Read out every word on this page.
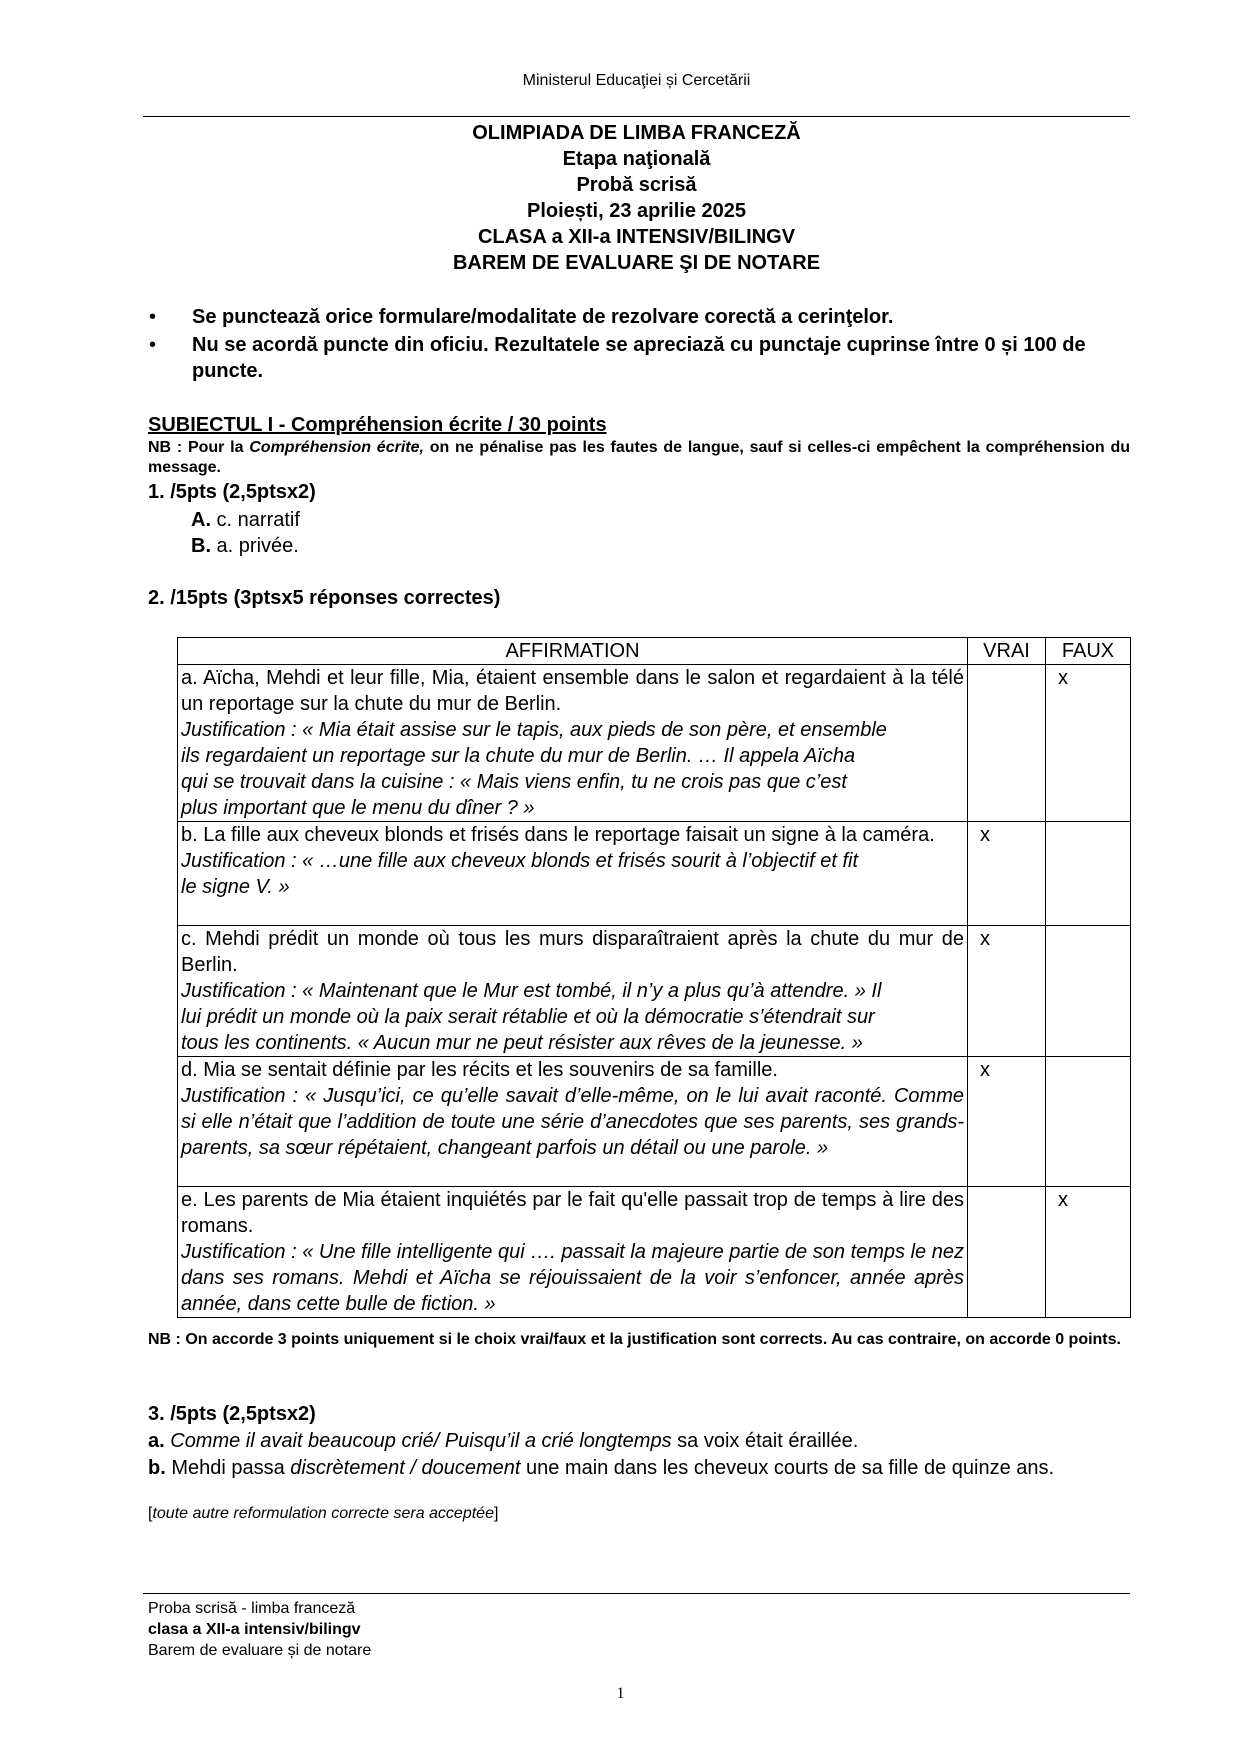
Ministerul Educaţiei și Cercetării
OLIMPIADA DE LIMBA FRANCEZĂ
Etapa naţională
Probă scrisă
Ploiești, 23 aprilie 2025
CLASA a XII-a INTENSIV/BILINGV
BAREM DE EVALUARE ŞI DE NOTARE
• Se punctează orice formulare/modalitate de rezolvare corectă a cerinţelor.
• Nu se acordă puncte din oficiu. Rezultatele se apreciază cu punctaje cuprinse între 0 și 100 de puncte.
SUBIECTUL I - Compréhension écrite / 30 points
NB : Pour la Compréhension écrite, on ne pénalise pas les fautes de langue, sauf si celles-ci empêchent la compréhension du message.
1. /5pts (2,5ptsx2)
A. c. narratif
B. a. privée.
2. /15pts (3ptsx5 réponses correctes)
AFFIRMATION	VRAI	FAUX

a. Aïcha, Mehdi et leur fille, Mia, étaient ensemble dans le salon et regardaient à la télé un reportage sur la chute du mur de Berlin.
Justification : « Mia était assise sur le tapis, aux pieds de son père, et ensemble
ils regardaient un reportage sur la chute du mur de Berlin. … Il appela Aïcha
qui se trouvait dans la cuisine : « Mais viens enfin, tu ne crois pas que c’est
plus important que le menu du dîner ? »		x

b. La fille aux cheveux blonds et frisés dans le reportage faisait un signe à la caméra.
Justification : « …une fille aux cheveux blonds et frisés sourit à l’objectif et fit
le signe V. »	x	

c. Mehdi prédit un monde où tous les murs disparaîtraient après la chute du mur de Berlin.
Justification : « Maintenant que le Mur est tombé, il n’y a plus qu’à attendre. » Il
lui prédit un monde où la paix serait rétablie et où la démocratie s’étendrait sur
tous les continents. « Aucun mur ne peut résister aux rêves de la jeunesse. »	x	

d. Mia se sentait définie par les récits et les souvenirs de sa famille.
Justification : « Jusqu’ici, ce qu’elle savait d’elle-même, on le lui avait raconté. Comme si elle n’était que l’addition de toute une série d’anecdotes que ses parents, ses grands-parents, sa sœur répétaient, changeant parfois un détail ou une parole. »	x	

e. Les parents de Mia étaient inquiétés par le fait qu'elle passait trop de temps à lire des romans.
Justification : « Une fille intelligente qui …. passait la majeure partie de son temps le nez dans ses romans. Mehdi et Aïcha se réjouissaient de la voir s’enfoncer, année après année, dans cette bulle de fiction. »		x
NB : On accorde 3 points uniquement si le choix vrai/faux et la justification sont corrects. Au cas contraire, on accorde 0 points.
3. /5pts (2,5ptsx2)
a. Comme il avait beaucoup crié/ Puisqu’il a crié longtemps sa voix était éraillée.
b. Mehdi passa discrètement / doucement une main dans les cheveux courts de sa fille de quinze ans.
[toute autre reformulation correcte sera acceptée]
Proba scrisă - limba franceză
clasa a XII-a intensiv/bilingv
Barem de evaluare și de notare
1
